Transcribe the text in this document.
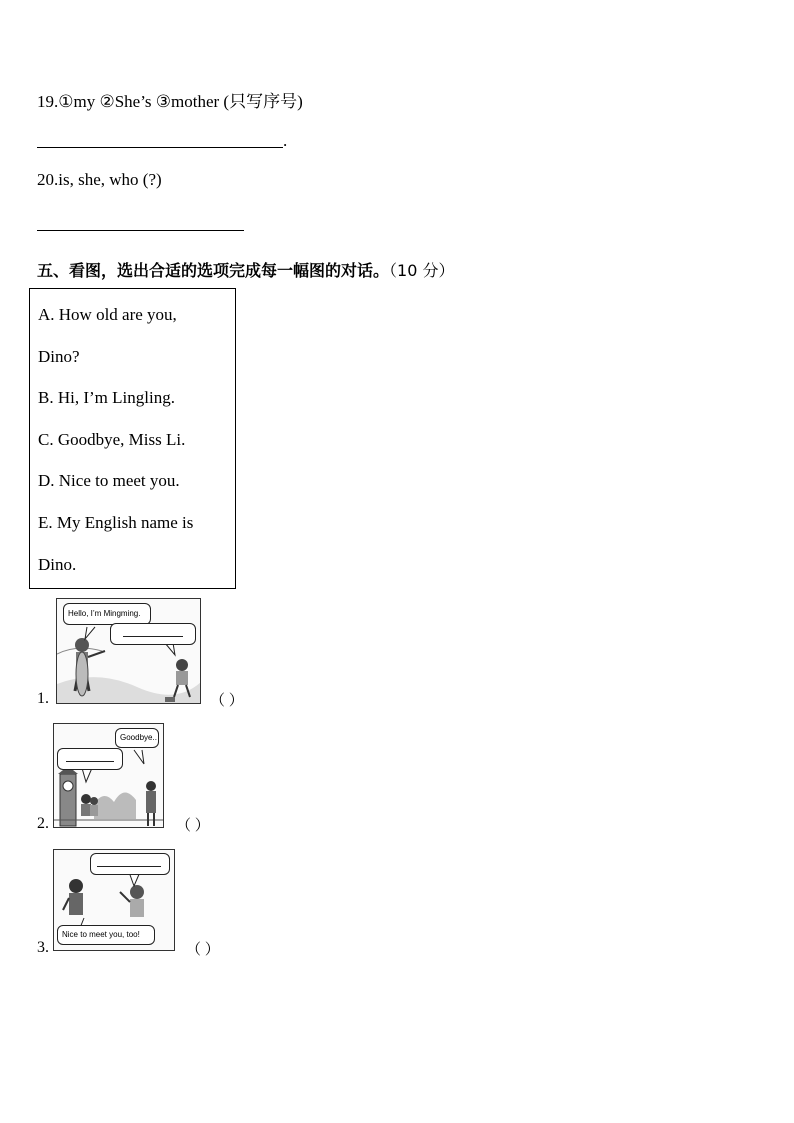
19.①my ②She’s ③mother (只写序号)
.
20.is, she, who (?)
五、看图，选出合适的选项完成每一幅图的对话。（10 分）
A. How old are you,
Dino?
B. Hi, I’m Lingling.
C. Goodbye, Miss Li.
D. Nice to meet you.
E. My English name is
Dino.
1.
Hello, I’m Mingming.
（ ）
2.
Goodbye..
（ ）
3.
Nice to meet you, too!
（ ）
